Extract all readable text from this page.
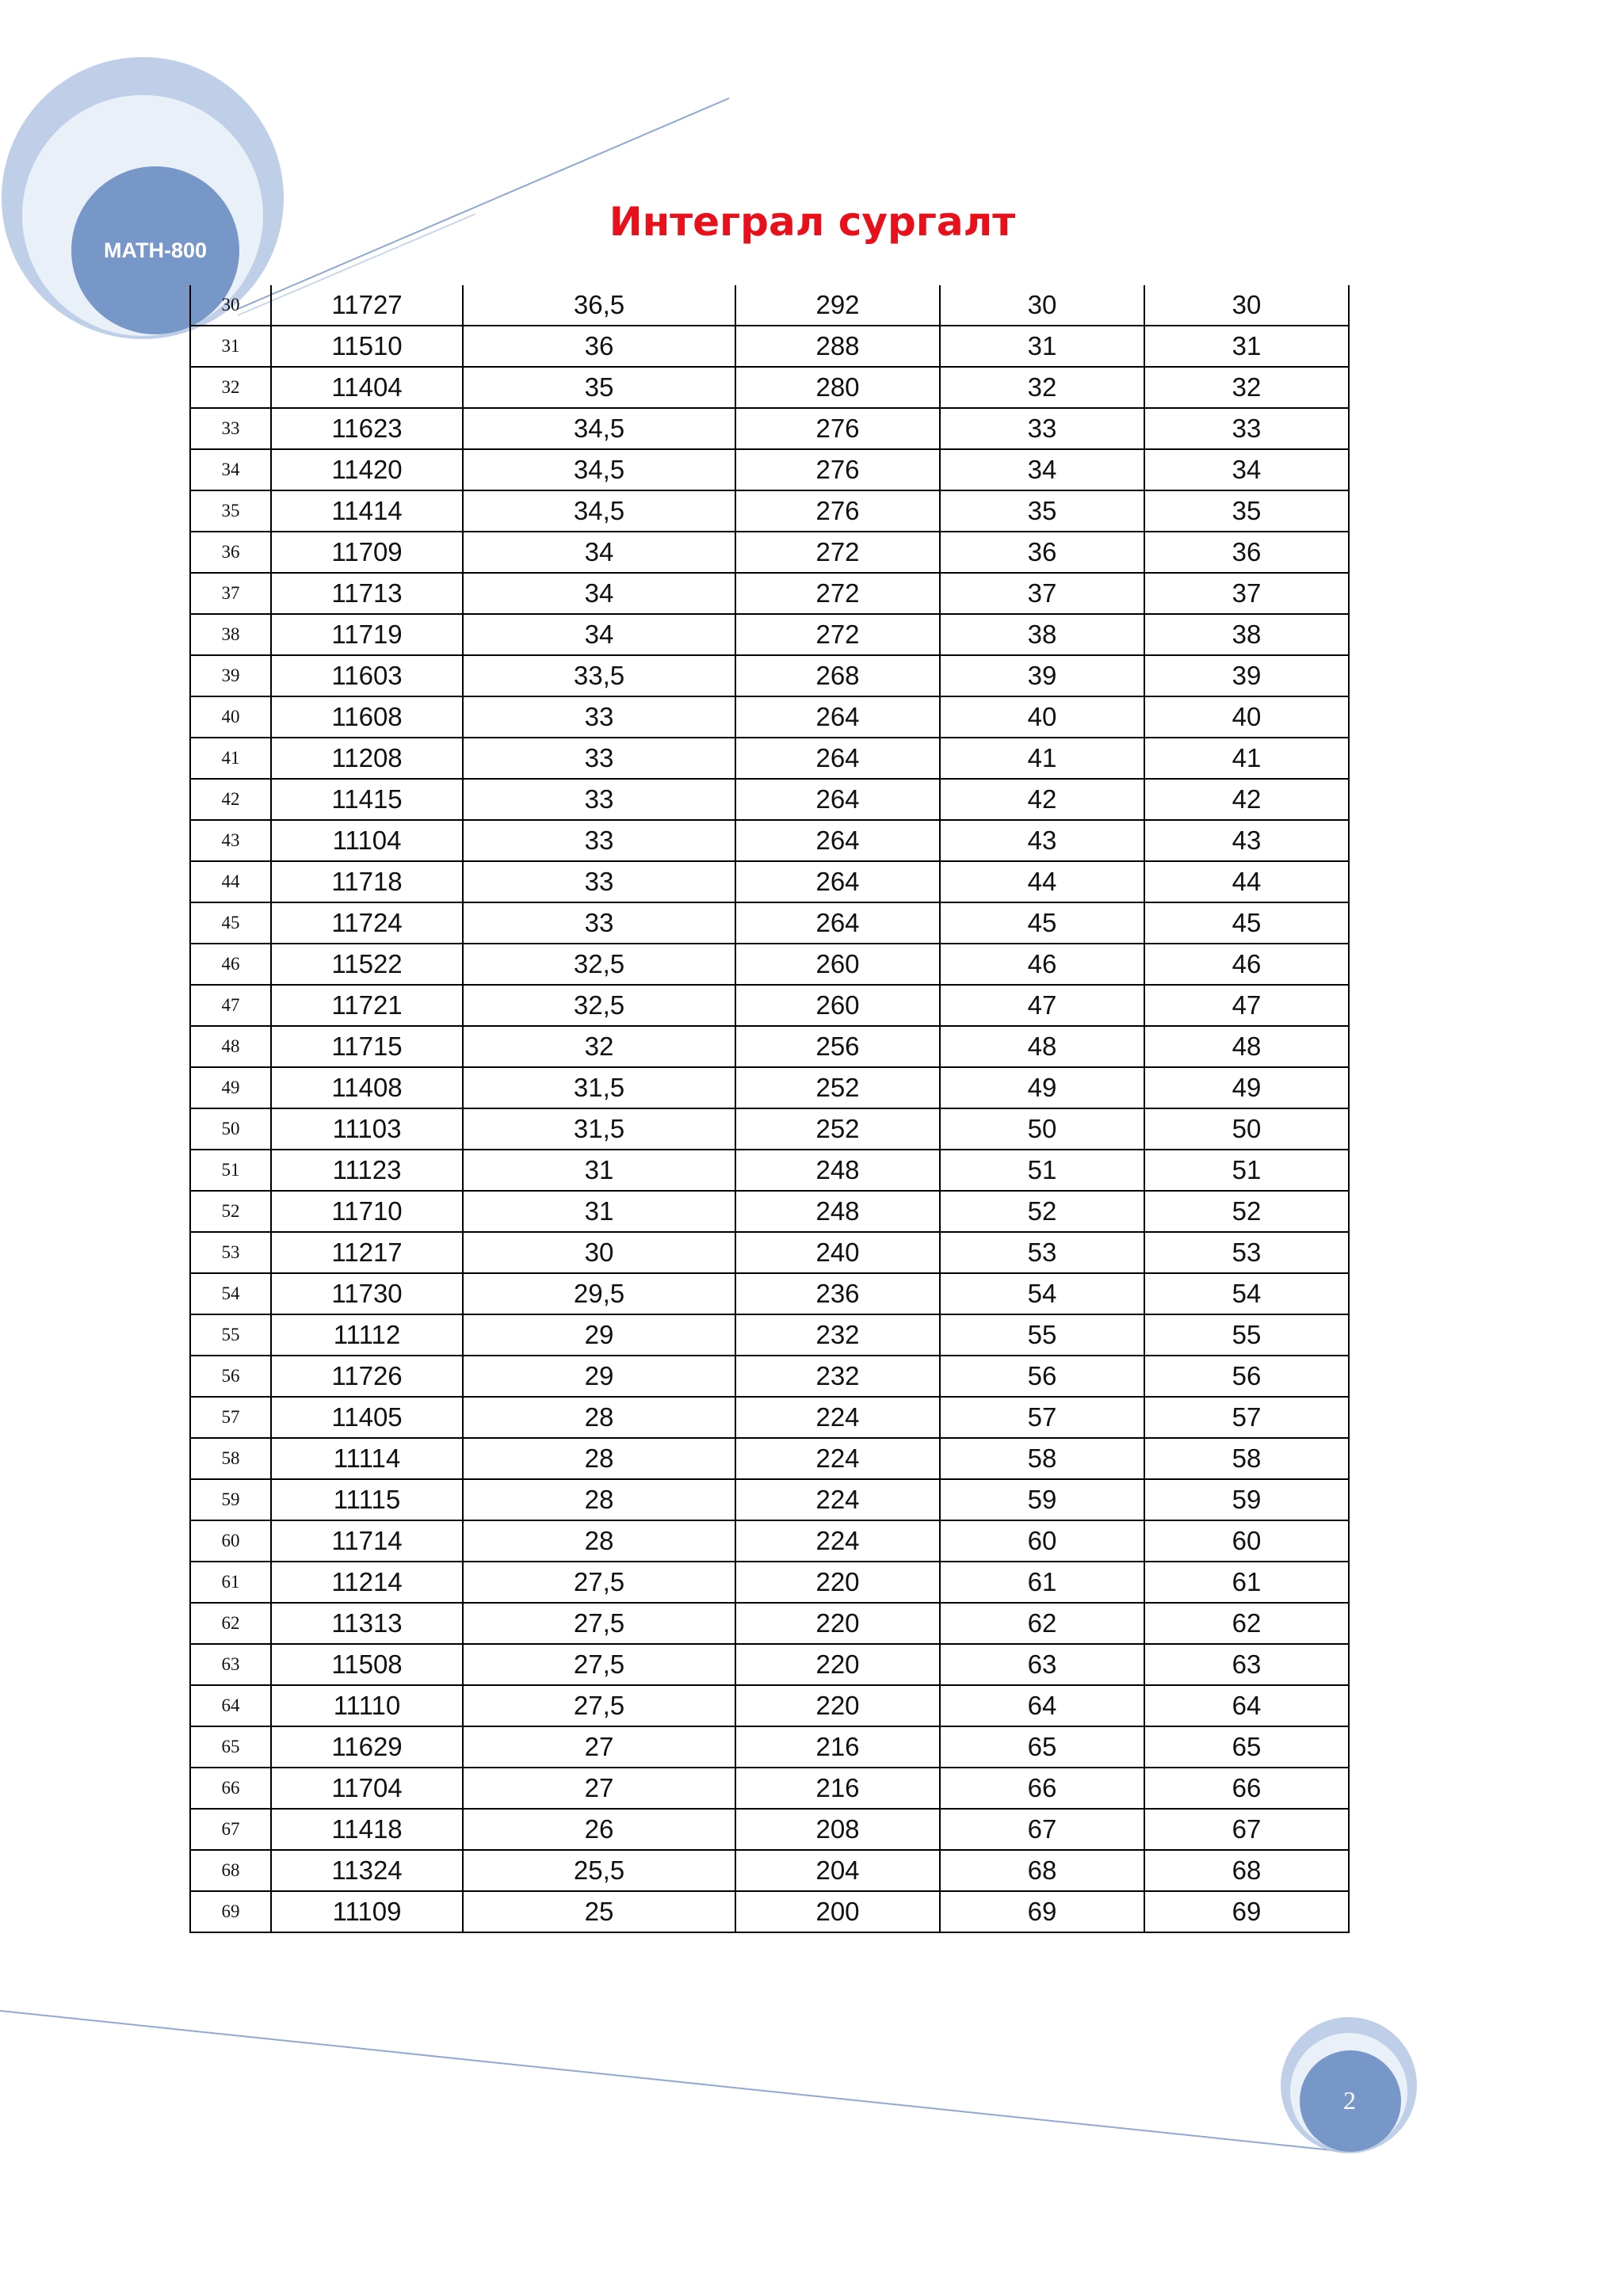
MATH-800
Интеграл сургалт
30	11727	36,5	292	30	30
31	11510	36	288	31	31
32	11404	35	280	32	32
33	11623	34,5	276	33	33
34	11420	34,5	276	34	34
35	11414	34,5	276	35	35
36	11709	34	272	36	36
37	11713	34	272	37	37
38	11719	34	272	38	38
39	11603	33,5	268	39	39
40	11608	33	264	40	40
41	11208	33	264	41	41
42	11415	33	264	42	42
43	11104	33	264	43	43
44	11718	33	264	44	44
45	11724	33	264	45	45
46	11522	32,5	260	46	46
47	11721	32,5	260	47	47
48	11715	32	256	48	48
49	11408	31,5	252	49	49
50	11103	31,5	252	50	50
51	11123	31	248	51	51
52	11710	31	248	52	52
53	11217	30	240	53	53
54	11730	29,5	236	54	54
55	11112	29	232	55	55
56	11726	29	232	56	56
57	11405	28	224	57	57
58	11114	28	224	58	58
59	11115	28	224	59	59
60	11714	28	224	60	60
61	11214	27,5	220	61	61
62	11313	27,5	220	62	62
63	11508	27,5	220	63	63
64	11110	27,5	220	64	64
65	11629	27	216	65	65
66	11704	27	216	66	66
67	11418	26	208	67	67
68	11324	25,5	204	68	68
69	11109	25	200	69	69
2
